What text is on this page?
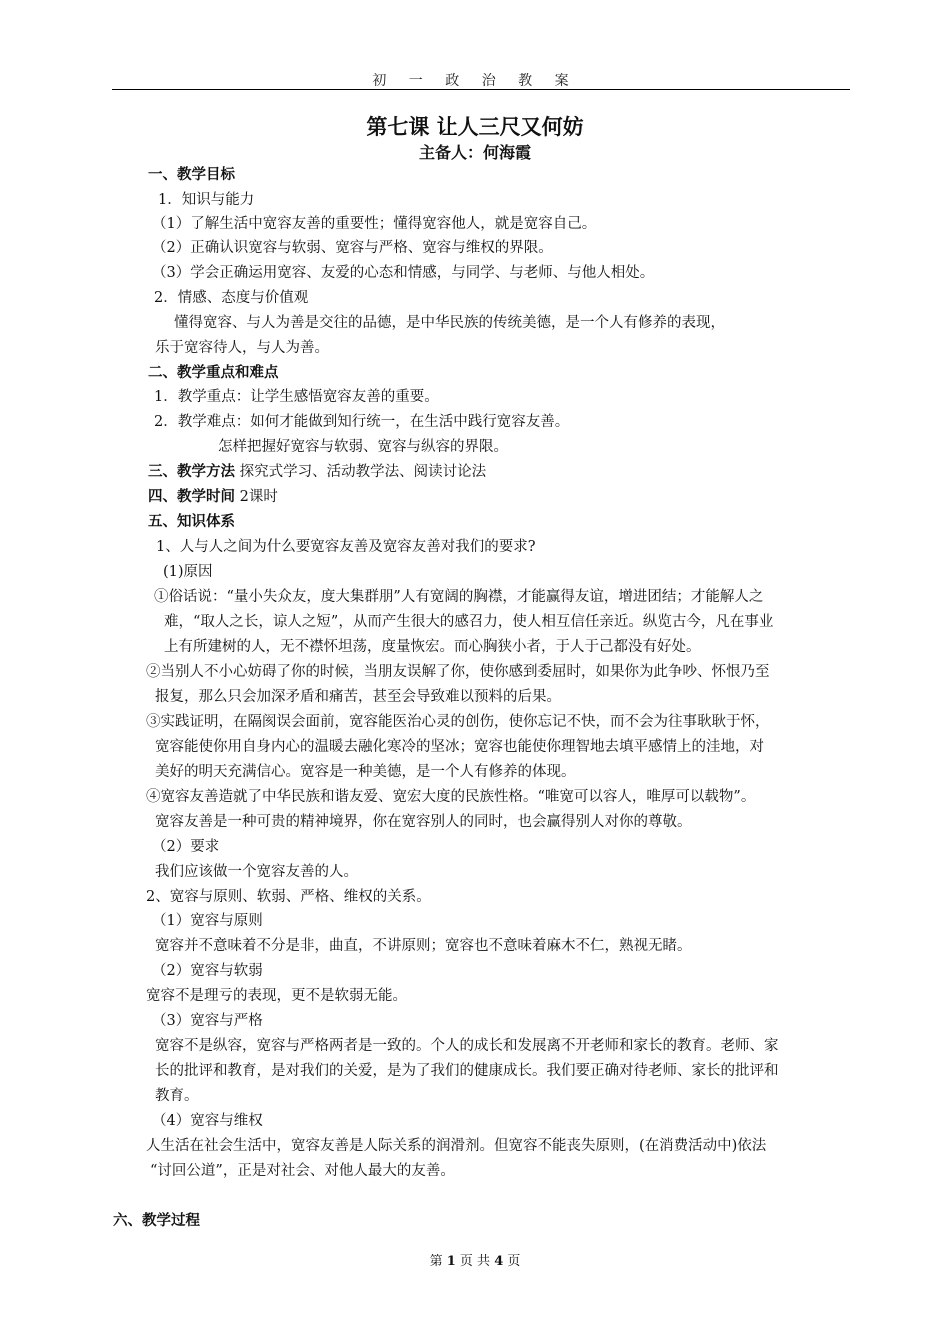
初 一 政 治 教 案
第七课 让人三尺又何妨
主备人：何海霞
一、教学目标
1．知识与能力
（1）了解生活中宽容友善的重要性；懂得宽容他人，就是宽容自己。
（2）正确认识宽容与软弱、宽容与严格、宽容与维权的界限。
（3）学会正确运用宽容、友爱的心态和情感，与同学、与老师、与他人相处。
2．情感、态度与价值观
懂得宽容、与人为善是交往的品德，是中华民族的传统美德，是一个人有修养的表现，
乐于宽容待人，与人为善。
二、教学重点和难点
1．教学重点：让学生感悟宽容友善的重要。
2．教学难点：如何才能做到知行统一，在生活中践行宽容友善。
怎样把握好宽容与软弱、宽容与纵容的界限。
三、教学方法 探究式学习、活动教学法、阅读讨论法
四、教学时间 2课时
五、知识体系
1、人与人之间为什么要宽容友善及宽容友善对我们的要求?
(1)原因
①俗话说：“量小失众友，度大集群朋”人有宽阔的胸襟，才能赢得友谊，增进团结；才能解人之
难，“取人之长，谅人之短”，从而产生很大的感召力，使人相互信任亲近。纵览古今，凡在事业
上有所建树的人，无不襟怀坦荡，度量恢宏。而心胸狭小者，于人于己都没有好处。
②当别人不小心妨碍了你的时候，当朋友误解了你，使你感到委屈时，如果你为此争吵、怀恨乃至
报复，那么只会加深矛盾和痛苦，甚至会导致难以预料的后果。
③实践证明，在隔阂误会面前，宽容能医治心灵的创伤，使你忘记不快，而不会为往事耿耿于怀，
宽容能使你用自身内心的温暖去融化寒冷的坚冰；宽容也能使你理智地去填平感情上的洼地，对
美好的明天充满信心。宽容是一种美德，是一个人有修养的体现。
④宽容友善造就了中华民族和谐友爱、宽宏大度的民族性格。“唯宽可以容人，唯厚可以载物”。
宽容友善是一种可贵的精神境界，你在宽容别人的同时，也会赢得别人对你的尊敬。
（2）要求
我们应该做一个宽容友善的人。
2、宽容与原则、软弱、严格、维权的关系。
（1）宽容与原则
宽容并不意味着不分是非，曲直，不讲原则；宽容也不意味着麻木不仁，熟视无睹。
（2）宽容与软弱
宽容不是理亏的表现，更不是软弱无能。
（3）宽容与严格
宽容不是纵容，宽容与严格两者是一致的。个人的成长和发展离不开老师和家长的教育。老师、家
长的批评和教育，是对我们的关爱，是为了我们的健康成长。我们要正确对待老师、家长的批评和
教育。
（4）宽容与维权
人生活在社会生活中，宽容友善是人际关系的润滑剂。但宽容不能丧失原则，(在消费活动中)依法
“讨回公道”，正是对社会、对他人最大的友善。
六、教学过程
第 1 页 共 4 页
